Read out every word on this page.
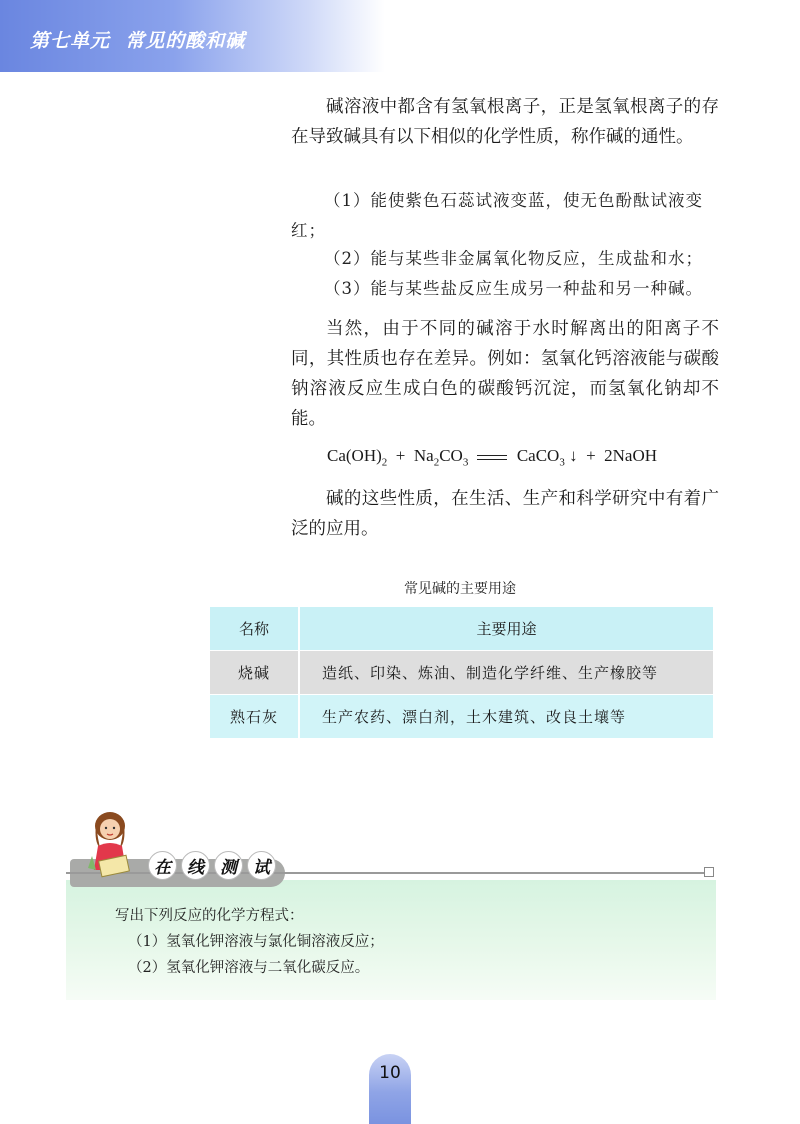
第七单元  常见的酸和碱

碱溶液中都含有氢氧根离子，正是氢氧根离子的存在导致碱具有以下相似的化学性质，称作碱的通性。

（1）能使紫色石蕊试液变蓝，使无色酚酞试液变红；

（2）能与某些非金属氧化物反应，生成盐和水；

（3）能与某些盐反应生成另一种盐和另一种碱。

当然，由于不同的碱溶于水时解离出的阳离子不同，其性质也存在差异。例如：氢氧化钙溶液能与碳酸钠溶液反应生成白色的碳酸钙沉淀，而氢氧化钠却不能。

$Ca(OH)_2 + Na_2CO_3$	CaCO$_3$ ↓ + 2NaOH

碱的这些性质，在生活、生产和科学研究中有着广泛的应用。

常见碱的主要用途
名称	主要用途
烧碱	造纸、印染、炼油、制造化学纤维、生产橡胶等
熟石灰	生产农药、漂白剂，土木建筑、改良土壤等
在 线 测 试

写出下列反应的化学方程式：

（1）氢氧化钾溶液与氯化铜溶液反应；

（2）氢氧化钾溶液与二氧化碳反应。

10
